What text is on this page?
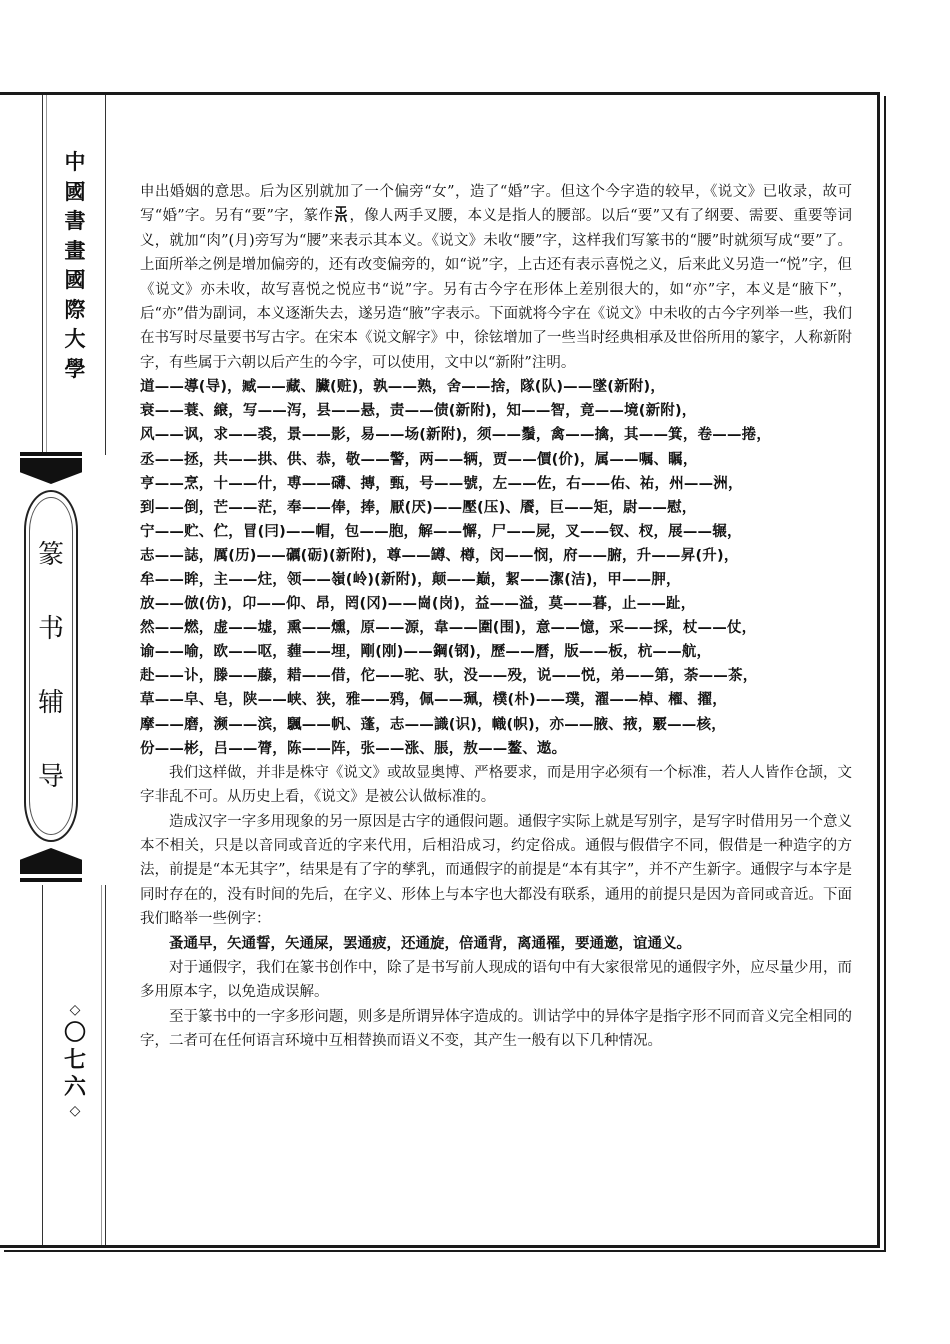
中
國
書
畫
國
際
大
學
篆
书
辅
导
◇
〇
七
六
◇

申出婚姻的意思。后为区别就加了一个偏旁“女”，造了“婚”字。但这个今字造的较早，《说文》已收录，故可写“婚”字。另有“要”字，篆作 ，像人两手叉腰，本义是指人的腰部。以后“要”又有了纲要、需要、重要等词义，就加“肉”(月)旁写为“腰”来表示其本义。《说文》未收“腰”字，这样我们写篆书的“腰”时就须写成“要”了。上面所举之例是增加偏旁的，还有改变偏旁的，如“说”字，上古还有表示喜悦之义，后来此义另造一“悦”字，但《说文》亦未收，故写喜悦之悦应书“说”字。另有古今字在形体上差别很大的，如“亦”字，本义是“腋下”，后“亦”借为副词，本义逐渐失去，遂另造“腋”字表示。下面就将今字在《说文》中未收的古今字列举一些，我们在书写时尽量要书写古字。在宋本《说文解字》中，徐铉增加了一些当时经典相承及世俗所用的篆字，人称新附字，有些属于六朝以后产生的今字，可以使用，文中以“新附”注明。

道——導(导)，臧——藏、臟(赃)，孰——熟，舍——捨，隊(队)——墜(新附)，

衰——蓑、縗，写——泻，县——悬，责——债(新附)，知——智，竟——境(新附)，

风——讽，求——裘，景——影，易——场(新附)，须——鬚，禽——擒，其——箕，卷——捲，

丞——拯，共——拱、供、恭，敬——警，两——辆，贾——價(价)，属——嘱、瞩，

亨——烹，十——什，尃——礴、摶，甄，号——號，左——佐，右——佑、祐，州——洲，

到——倒，芒——茫，奉——俸，捧，厭(厌)——壓(压)、餍，巨——矩，尉——慰，

宁——贮、伫，冒(冃)——帽，包——胞，解——懈，尸——屍，叉——钗、杈，展——辗，

志——誌，厲(历)——礪(砺)(新附)，尊——罇、樽，闵——悯，府——腑，升——昇(升)，

牟——眸，主——炷，领——嶺(岭)(新附)，颠——巅，絜——潔(洁)，甲——胛，

放——倣(仿)，卬——仰、昂，罔(冈)——崗(岗)，益——溢，莫——暮，止——趾，

然——燃，虚——墟，熏——燻，原——源，韋——圍(围)，意——憶，采——採，杖——仗，

谕——喻，欧——呕，薶——埋，剛(刚)——鋼(钢)，歷——曆，版——板，杭——航，

赴——讣，滕——藤，耤——借，佗——驼、驮，没——殁，说——悦，弟——第，荼——茶，

草——皁、皂，陕——峡、狭，雅——鸦，佩——珮，樸(朴)——璞，濯——棹、櫂、擢，

摩——磨，濒——滨，颿——帆、蓬，志——識(识)，幟(帜)，亦——腋、掖，覈——核，

份——彬，吕——膂，陈——阵，张——涨、脹，敖——鳌、遨。

我们这样做，并非是株守《说文》或故显奥博、严格要求，而是用字必须有一个标准，若人人皆作仓颉，文字非乱不可。从历史上看，《说文》是被公认做标准的。

造成汉字一字多用现象的另一原因是古字的通假问题。通假字实际上就是写别字，是写字时借用另一个意义本不相关，只是以音同或音近的字来代用，后相沿成习，约定俗成。通假与假借字不同，假借是一种造字的方法，前提是“本无其字”，结果是有了字的孳乳，而通假字的前提是“本有其字”，并不产生新字。通假字与本字是同时存在的，没有时间的先后，在字义、形体上与本字也大都没有联系，通用的前提只是因为音同或音近。下面我们略举一些例字：

蚤通早，矢通誓，矢通屎，罢通疲，还通旋，倍通背，离通罹，要通邀，谊通义。

对于通假字，我们在篆书创作中，除了是书写前人现成的语句中有大家很常见的通假字外，应尽量少用，而多用原本字，以免造成误解。

至于篆书中的一字多形问题，则多是所谓异体字造成的。训诂学中的异体字是指字形不同而音义完全相同的字，二者可在任何语言环境中互相替换而语义不变，其产生一般有以下几种情况。
